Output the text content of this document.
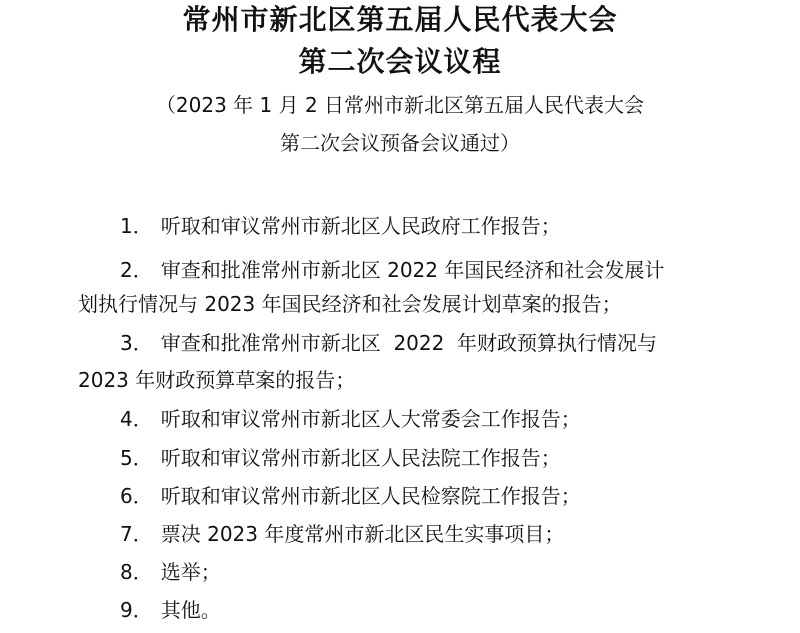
常州市新北区第五届人民代表大会
第二次会议议程
（2023 年 1 月 2 日常州市新北区第五届人民代表大会
第二次会议预备会议通过）
1． 听取和审议常州市新北区人民政府工作报告；
2． 审查和批准常州市新北区 2022 年国民经济和社会发展计
划执行情况与 2023 年国民经济和社会发展计划草案的报告；
3． 审查和批准常州市新北区  2022  年财政预算执行情况与
2023 年财政预算草案的报告；
4． 听取和审议常州市新北区人大常委会工作报告；
5． 听取和审议常州市新北区人民法院工作报告；
6． 听取和审议常州市新北区人民检察院工作报告；
7． 票决 2023 年度常州市新北区民生实事项目；
8． 选举；
9． 其他。
